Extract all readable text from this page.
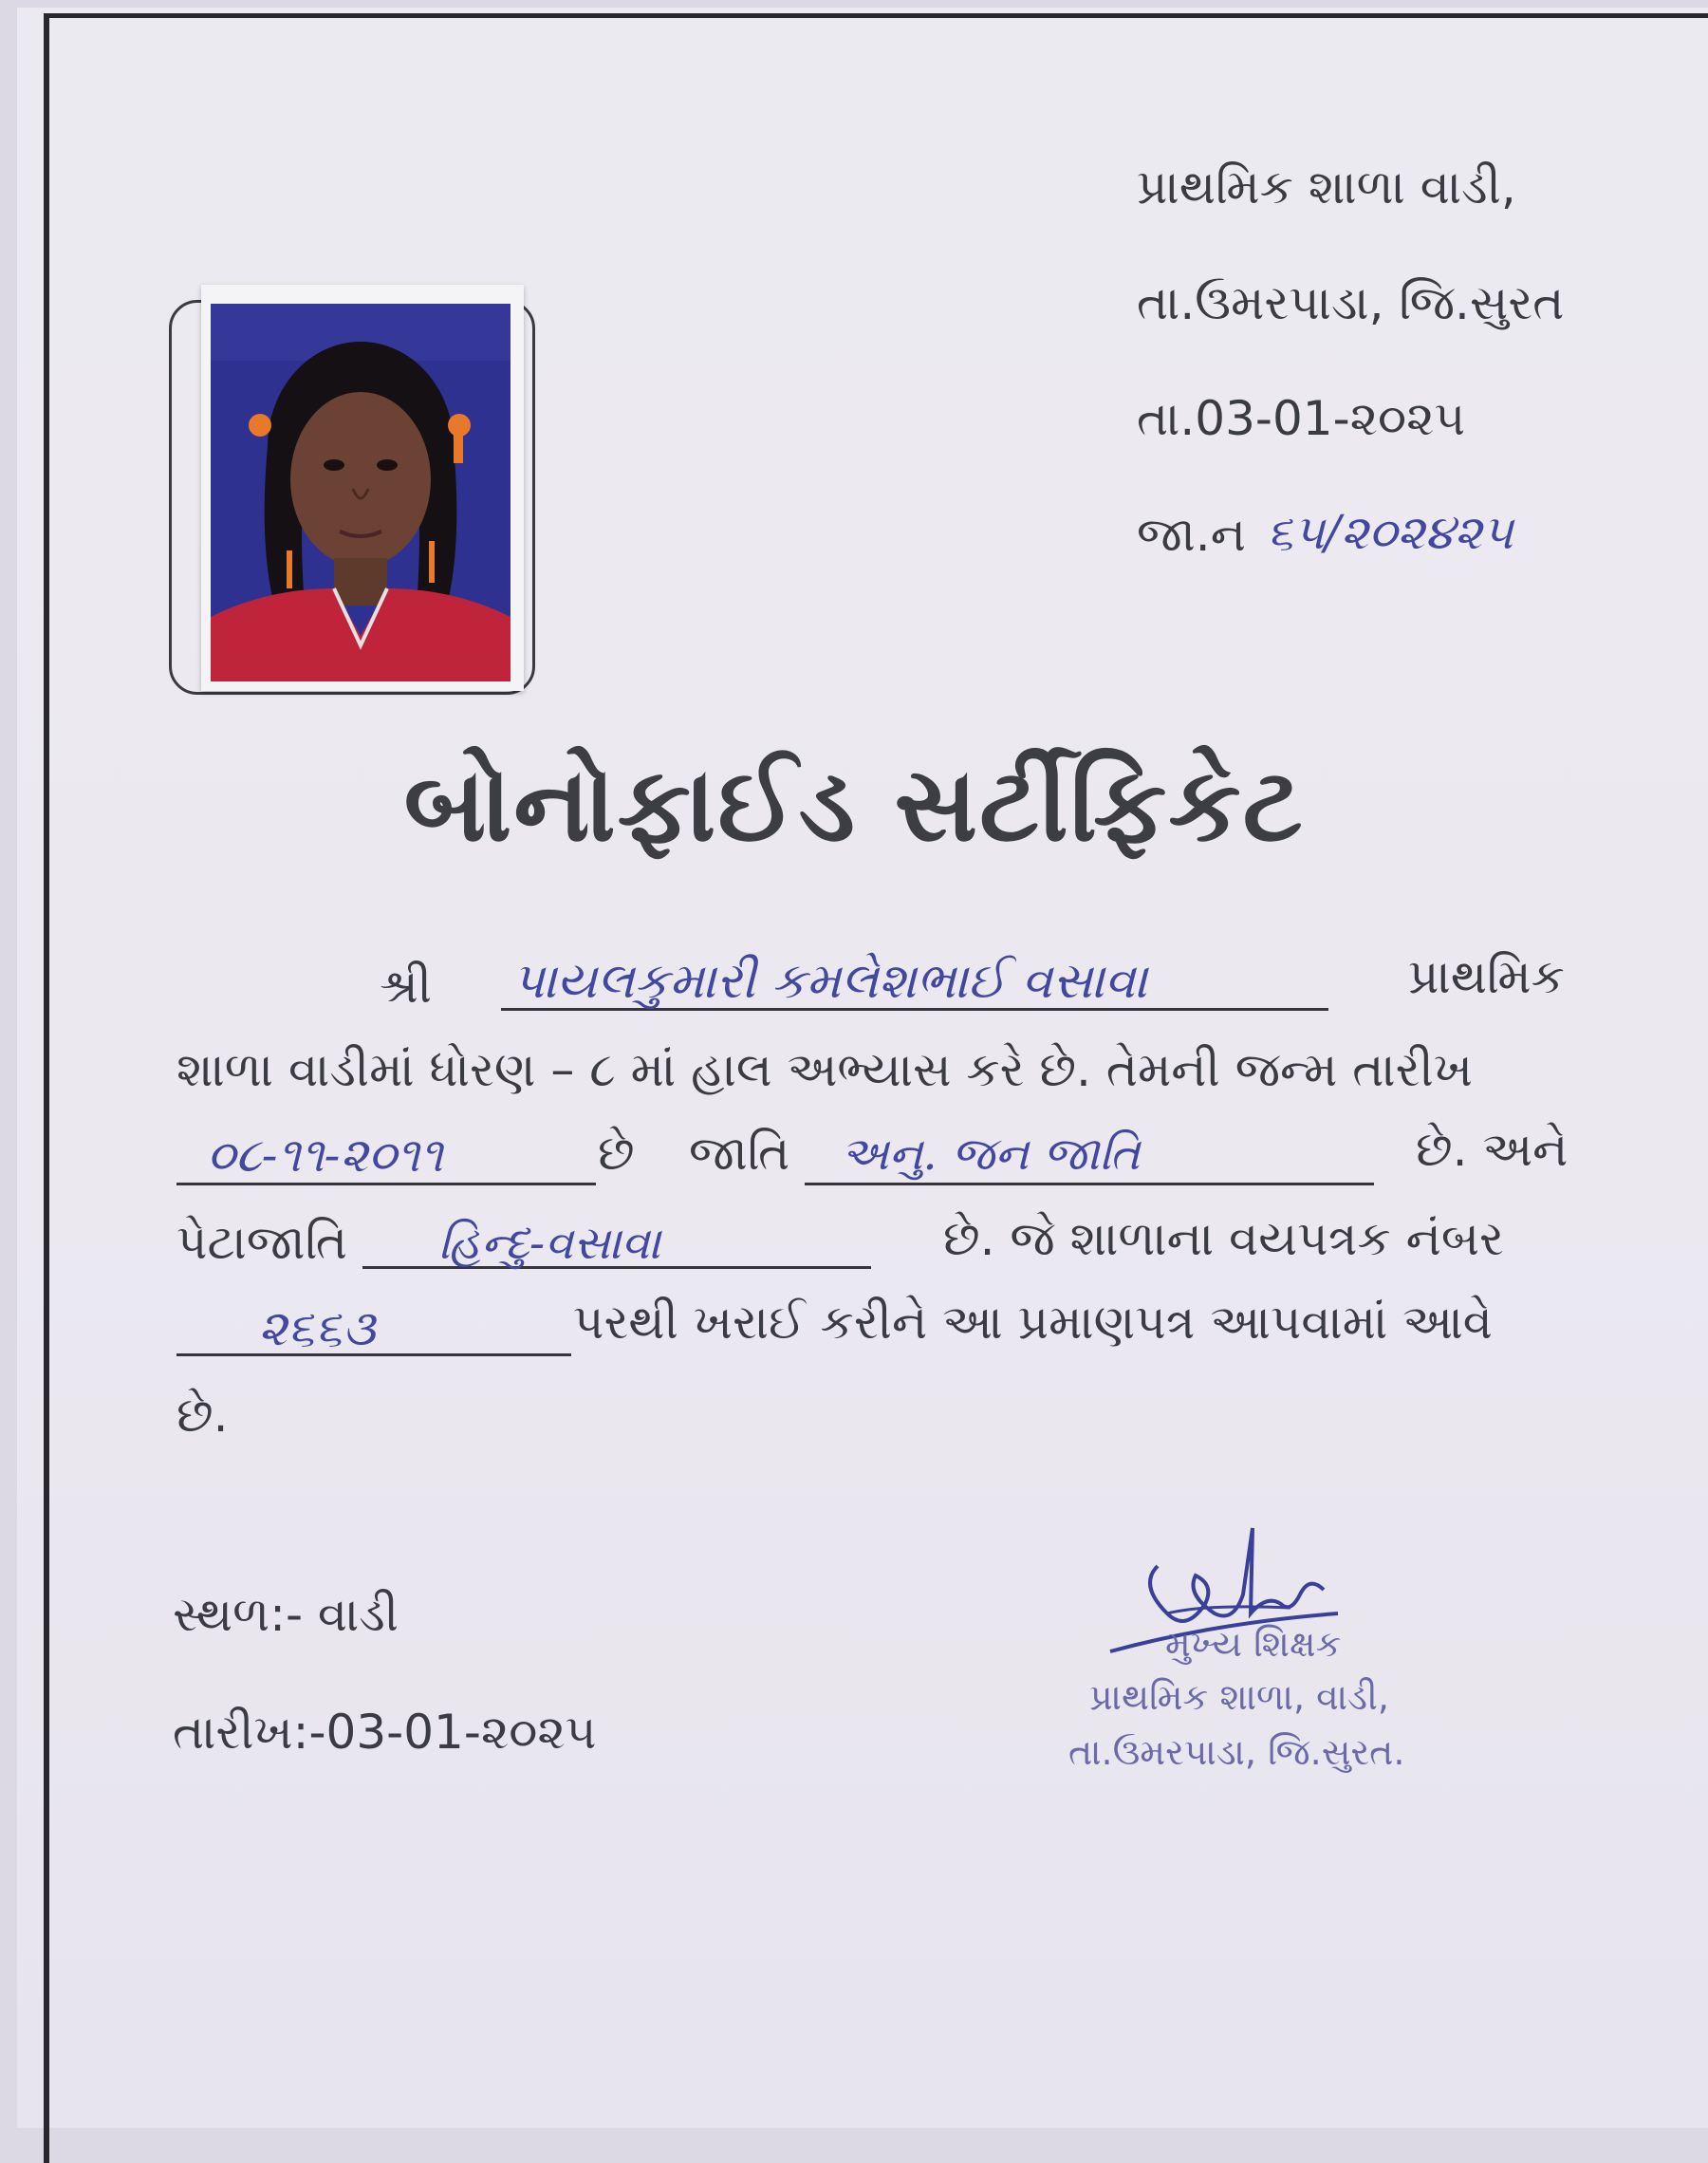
પ્રાથમિક શાળા વાડી,
તા.ઉમરપાડા, જિ.સુરત
તા.03-01-૨૦૨૫
જા.ન ૬૫/૨૦૨૪૨૫
બોનોફાઈડ સર્ટીફિકેટ
શ્રી પાયલકુમારી કમલેશભાઈ વસાવા	પ્રાથમિક
શાળા વાડીમાં ધોરણ – ૮ માં હાલ અભ્યાસ કરે છે. તેમની જન્મ તારીખ
૦૮-૧૧-૨૦૧૧	છે જાતિ અનુ. જન જાતિ	છે. અને
પેટાજાતિ હિન્દુ-વસાવા	છે. જે શાળાના વયપત્રક નંબર
૨૬૬૩	પરથી ખરાઈ કરીને આ પ્રમાણપત્ર આપવામાં આવે
છે.
સ્થળ:- વાડી
તારીખ:-03-01-૨૦૨૫
મુખ્ય શિક્ષક
પ્રાથમિક શાળા, વાડી,
તા.ઉમરપાડા, જિ.સુરત.
